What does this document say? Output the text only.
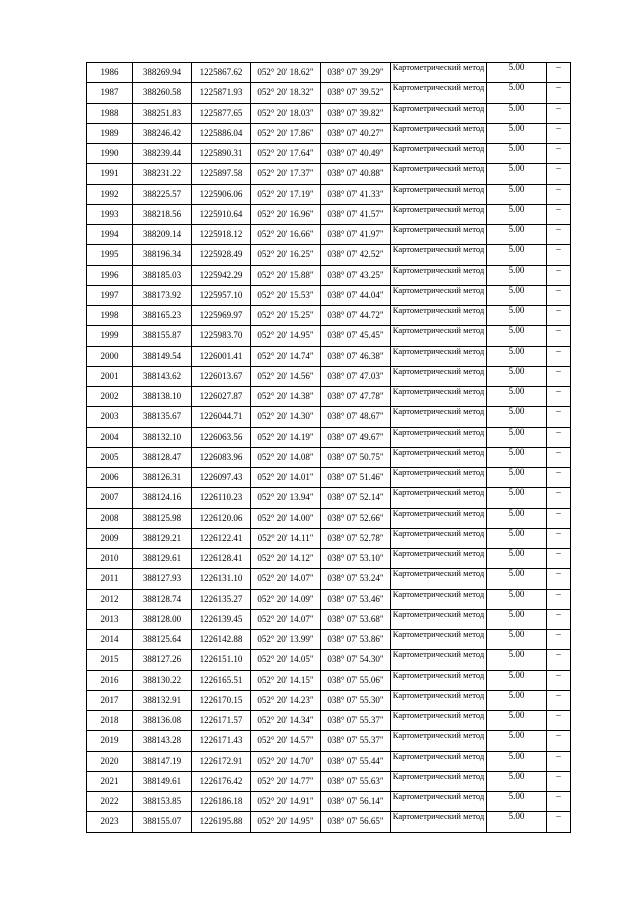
1986	388269.94	1225867.62	052° 20' 18.62"	038° 07' 39.29"	Картометрический метод	5.00	–
1987	388260.58	1225871.93	052° 20' 18.32"	038° 07' 39.52"	Картометрический метод	5.00	–
1988	388251.83	1225877.65	052° 20' 18.03"	038° 07' 39.82"	Картометрический метод	5.00	–
1989	388246.42	1225886.04	052° 20' 17.86"	038° 07' 40.27"	Картометрический метод	5.00	–
1990	388239.44	1225890.31	052° 20' 17.64"	038° 07' 40.49"	Картометрический метод	5.00	–
1991	388231.22	1225897.58	052° 20' 17.37"	038° 07' 40.88"	Картометрический метод	5.00	–
1992	388225.57	1225906.06	052° 20' 17.19"	038° 07' 41.33"	Картометрический метод	5.00	–
1993	388218.56	1225910.64	052° 20' 16.96"	038° 07' 41.57"	Картометрический метод	5.00	–
1994	388209.14	1225918.12	052° 20' 16.66"	038° 07' 41.97"	Картометрический метод	5.00	–
1995	388196.34	1225928.49	052° 20' 16.25"	038° 07' 42.52"	Картометрический метод	5.00	–
1996	388185.03	1225942.29	052° 20' 15.88"	038° 07' 43.25"	Картометрический метод	5.00	–
1997	388173.92	1225957.10	052° 20' 15.53"	038° 07' 44.04"	Картометрический метод	5.00	–
1998	388165.23	1225969.97	052° 20' 15.25"	038° 07' 44.72"	Картометрический метод	5.00	–
1999	388155.87	1225983.70	052° 20' 14.95"	038° 07' 45.45"	Картометрический метод	5.00	–
2000	388149.54	1226001.41	052° 20' 14.74"	038° 07' 46.38"	Картометрический метод	5.00	–
2001	388143.62	1226013.67	052° 20' 14.56"	038° 07' 47.03"	Картометрический метод	5.00	–
2002	388138.10	1226027.87	052° 20' 14.38"	038° 07' 47.78"	Картометрический метод	5.00	–
2003	388135.67	1226044.71	052° 20' 14.30"	038° 07' 48.67"	Картометрический метод	5.00	–
2004	388132.10	1226063.56	052° 20' 14.19"	038° 07' 49.67"	Картометрический метод	5.00	–
2005	388128.47	1226083.96	052° 20' 14.08"	038° 07' 50.75"	Картометрический метод	5.00	–
2006	388126.31	1226097.43	052° 20' 14.01"	038° 07' 51.46"	Картометрический метод	5.00	–
2007	388124.16	1226110.23	052° 20' 13.94"	038° 07' 52.14"	Картометрический метод	5.00	–
2008	388125.98	1226120.06	052° 20' 14.00"	038° 07' 52.66"	Картометрический метод	5.00	–
2009	388129.21	1226122.41	052° 20' 14.11"	038° 07' 52.78"	Картометрический метод	5.00	–
2010	388129.61	1226128.41	052° 20' 14.12"	038° 07' 53.10"	Картометрический метод	5.00	–
2011	388127.93	1226131.10	052° 20' 14.07"	038° 07' 53.24"	Картометрический метод	5.00	–
2012	388128.74	1226135.27	052° 20' 14.09"	038° 07' 53.46"	Картометрический метод	5.00	–
2013	388128.00	1226139.45	052° 20' 14.07"	038° 07' 53.68"	Картометрический метод	5.00	–
2014	388125.64	1226142.88	052° 20' 13.99"	038° 07' 53.86"	Картометрический метод	5.00	–
2015	388127.26	1226151.10	052° 20' 14.05"	038° 07' 54.30"	Картометрический метод	5.00	–
2016	388130.22	1226165.51	052° 20' 14.15"	038° 07' 55.06"	Картометрический метод	5.00	–
2017	388132.91	1226170.15	052° 20' 14.23"	038° 07' 55.30"	Картометрический метод	5.00	–
2018	388136.08	1226171.57	052° 20' 14.34"	038° 07' 55.37"	Картометрический метод	5.00	–
2019	388143.28	1226171.43	052° 20' 14.57"	038° 07' 55.37"	Картометрический метод	5.00	–
2020	388147.19	1226172.91	052° 20' 14.70"	038° 07' 55.44"	Картометрический метод	5.00	–
2021	388149.61	1226176.42	052° 20' 14.77"	038° 07' 55.63"	Картометрический метод	5.00	–
2022	388153.85	1226186.18	052° 20' 14.91"	038° 07' 56.14"	Картометрический метод	5.00	–
2023	388155.07	1226195.88	052° 20' 14.95"	038° 07' 56.65"	Картометрический метод	5.00	–
